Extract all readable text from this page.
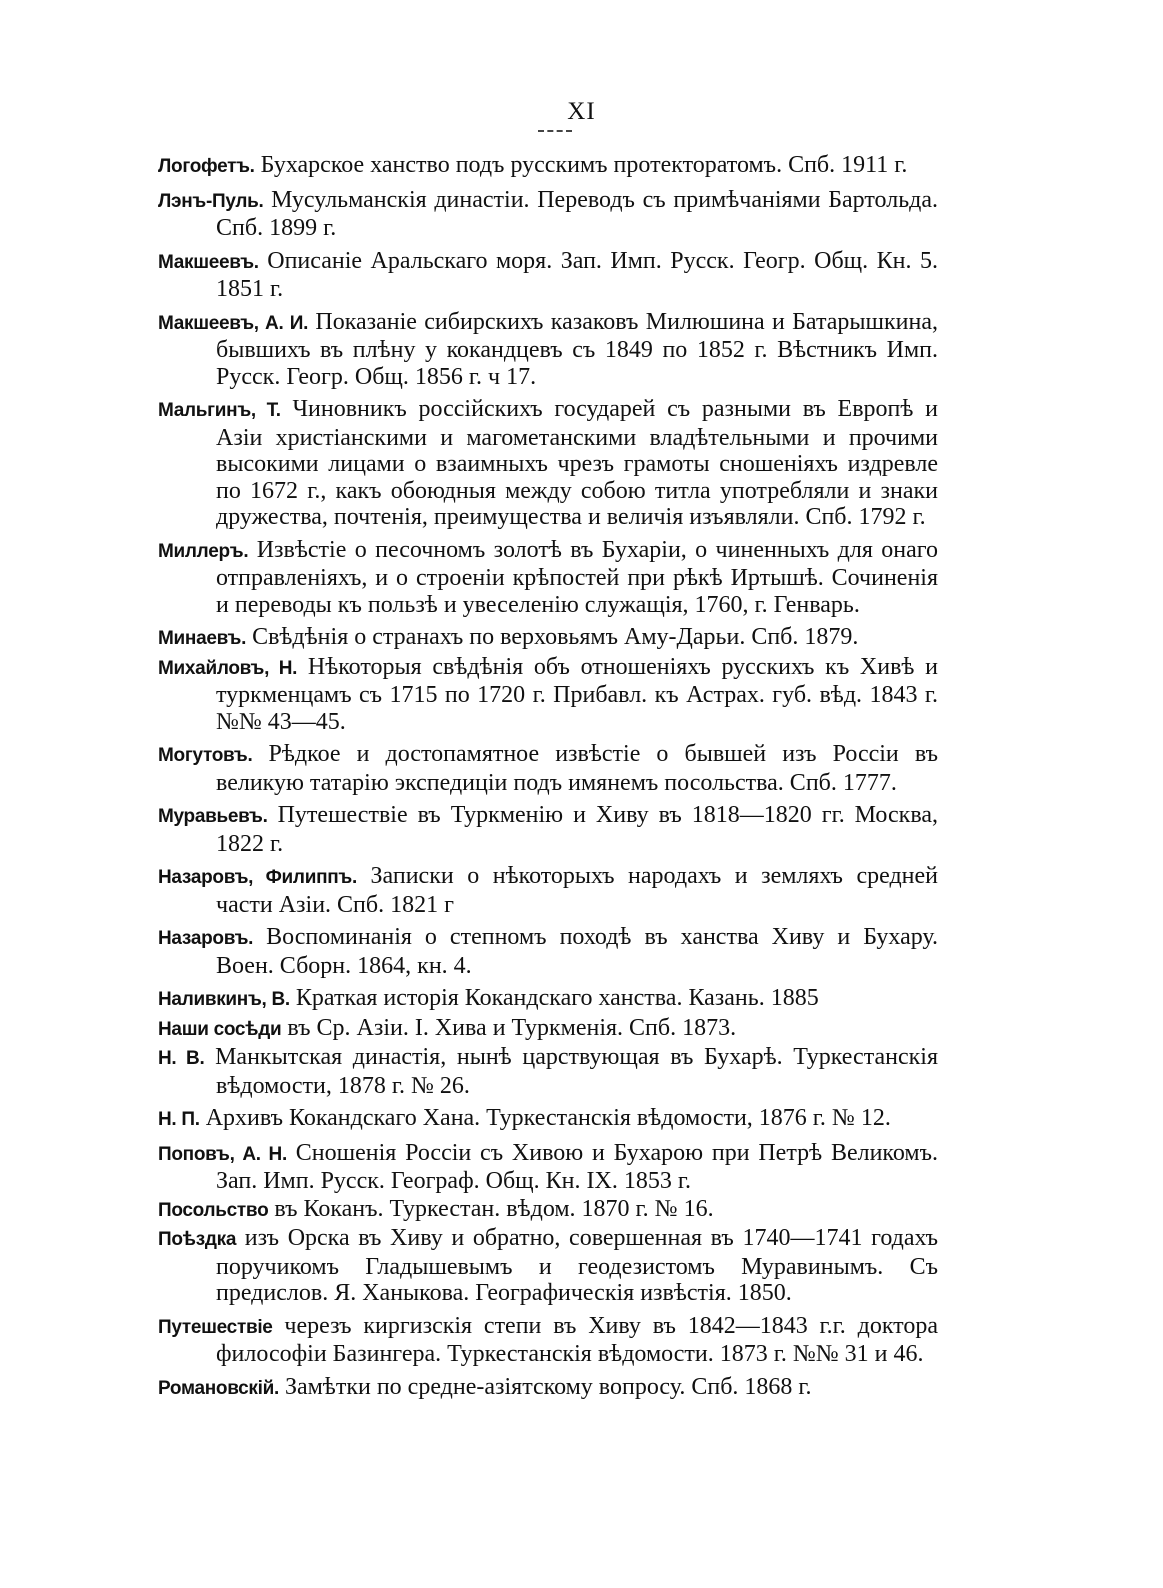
XI
Логофетъ. Бухарское ханство подъ русскимъ протекторатомъ. Спб. 1911 г.
Лэнъ-Пуль. Мусульманскія династіи. Переводъ съ примѣчаніями Бартольда. Спб. 1899 г.
Макшеевъ. Описаніе Аральскаго моря. Зап. Имп. Русск. Геогр. Общ. Кн. 5. 1851 г.
Макшеевъ, А. И. Показаніе сибирскихъ казаковъ Милюшина и Батарышкина, бывшихъ въ плѣну у кокандцевъ съ 1849 по 1852 г. Вѣстникъ Имп. Русск. Геогр. Общ. 1856 г. ч 17.
Мальгинъ, Т. Чиновникъ россійскихъ государей съ разными въ Европѣ и Азіи христіанскими и магометанскими владѣтельными и прочими высокими лицами о взаимныхъ чрезъ грамоты сношеніяхъ издревле по 1672 г., какъ обоюдныя между собою титла употребляли и знаки дружества, почтенія, преимущества и величія изъявляли. Спб. 1792 г.
Миллеръ. Извѣстіе о песочномъ золотѣ въ Бухаріи, о чиненныхъ для онаго отправленіяхъ, и о строеніи крѣпостей при рѣкѣ Иртышѣ. Сочиненія и переводы къ пользѣ и увеселенію служащія, 1760, г. Генварь.
Минаевъ. Свѣдѣнія о странахъ по верховьямъ Аму-Дарьи. Спб. 1879.
Михайловъ, Н. Нѣкоторыя свѣдѣнія объ отношеніяхъ русскихъ къ Хивѣ и туркменцамъ съ 1715 по 1720 г. Прибавл. къ Астрах. губ. вѣд. 1843 г. №№ 43—45.
Могутовъ. Рѣдкое и достопамятное извѣстіе о бывшей изъ Россіи въ великую татарію экспедиціи подъ имянемъ посольства. Спб. 1777.
Муравьевъ. Путешествіе въ Туркменію и Хиву въ 1818—1820 гг. Москва, 1822 г.
Назаровъ, Филиппъ. Записки о нѣкоторыхъ народахъ и земляхъ средней части Азіи. Спб. 1821 г
Назаровъ. Воспоминанія о степномъ походѣ въ ханства Хиву и Бухару. Воен. Сборн. 1864, кн. 4.
Наливкинъ, В. Краткая исторія Кокандскаго ханства. Казань. 1885
Наши сосѣди въ Ср. Азіи. I. Хива и Туркменія. Спб. 1873.
Н. В. Манкытская династія, нынѣ царствующая въ Бухарѣ. Туркестанскія вѣдомости, 1878 г. № 26.
Н. П. Архивъ Кокандскаго Хана. Туркестанскія вѣдомости, 1876 г. № 12.
Поповъ, А. Н. Сношенія Россіи съ Хивою и Бухарою при Петрѣ Великомъ. Зап. Имп. Русск. Географ. Общ. Кн. IX. 1853 г.
Посольство въ Коканъ. Туркестан. вѣдом. 1870 г. № 16.
Поѣздка изъ Орска въ Хиву и обратно, совершенная въ 1740—1741 годахъ поручикомъ Гладышевымъ и геодезистомъ Муравинымъ. Съ предислов. Я. Ханыкова. Географическія извѣстія. 1850.
Путешествіе черезъ киргизскія степи въ Хиву въ 1842—1843 г.г. доктора философіи Базингера. Туркестанскія вѣдомости. 1873 г. №№ 31 и 46.
Романовскій. Замѣтки по средне-азіятскому вопросу. Спб. 1868 г.
